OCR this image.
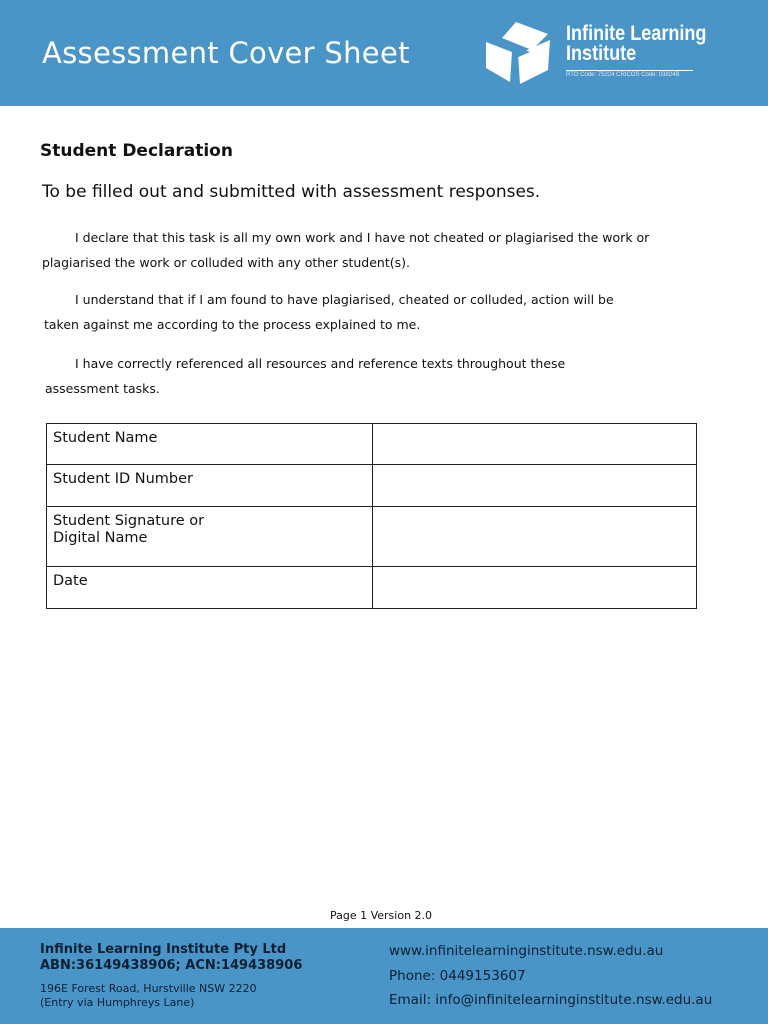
Assessment Cover Sheet
Infinite Learning
Institute
RTO Code: 75224 CRICOS Code: 03824B
Student Declaration
To be filled out and submitted with assessment responses.

I declare that this task is all my own work and I have not cheated or plagiarised the work or
plagiarised the work or colluded with any other student(s).

I understand that if I am found to have plagiarised, cheated or colluded, action will be
taken against me according to the process explained to me.

I have correctly referenced all resources and reference texts throughout these
assessment tasks.

Student Name	
Student ID Number	

Student Signature or
Digital Name	

Date	
Page 1 Version 2.0
Infinite Learning Institute Pty Ltd
ABN:36149438906; ACN:149438906
196E Forest Road, Hurstville NSW 2220
(Entry via Humphreys Lane)
www.infinitelearninginstitute.nsw.edu.au
Phone: 0449153607
Email: info@infinitelearninginstitute.nsw.edu.au
